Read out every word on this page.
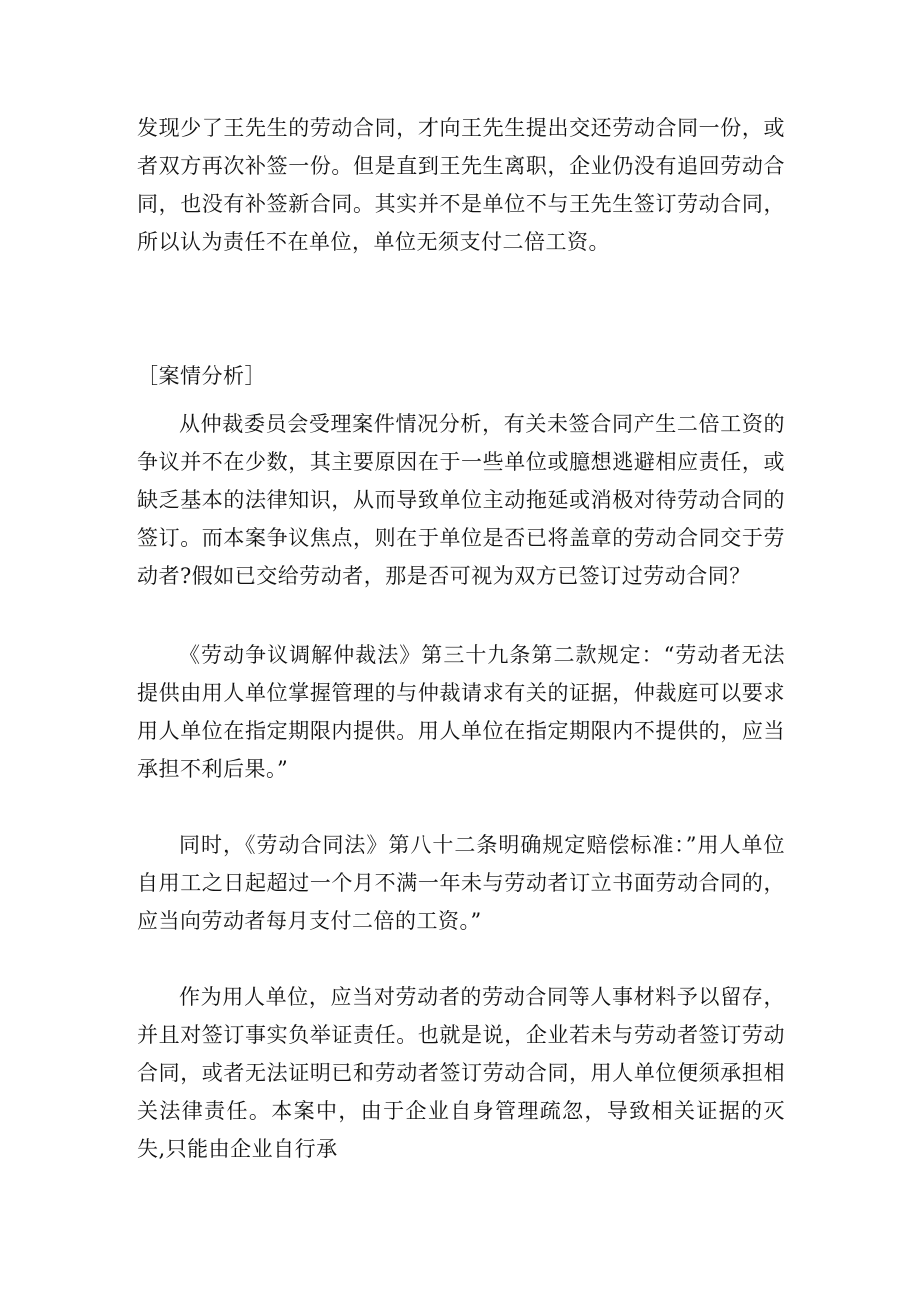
发现少了王先生的劳动合同，才向王先生提出交还劳动合同一份，或者双方再次补签一份。但是直到王先生离职，企业仍没有追回劳动合同，也没有补签新合同。其实并不是单位不与王先生签订劳动合同，所以认为责任不在单位，单位无须支付二倍工资。

［案情分析］

从仲裁委员会受理案件情况分析，有关未签合同产生二倍工资的争议并不在少数，其主要原因在于一些单位或臆想逃避相应责任，或缺乏基本的法律知识，从而导致单位主动拖延或消极对待劳动合同的签订。而本案争议焦点，则在于单位是否已将盖章的劳动合同交于劳动者?假如已交给劳动者，那是否可视为双方已签订过劳动合同？

《劳动争议调解仲裁法》第三十九条第二款规定：“劳动者无法提供由用人单位掌握管理的与仲裁请求有关的证据，仲裁庭可以要求用人单位在指定期限内提供。用人单位在指定期限内不提供的，应当承担不利后果。”

同时，《劳动合同法》第八十二条明确规定赔偿标准：”用人单位自用工之日起超过一个月不满一年未与劳动者订立书面劳动合同的，应当向劳动者每月支付二倍的工资。”

作为用人单位，应当对劳动者的劳动合同等人事材料予以留存，并且对签订事实负举证责任。也就是说，企业若未与劳动者签订劳动合同，或者无法证明已和劳动者签订劳动合同，用人单位便须承担相关法律责任。本案中，由于企业自身管理疏忽，导致相关证据的灭失,只能由企业自行承
